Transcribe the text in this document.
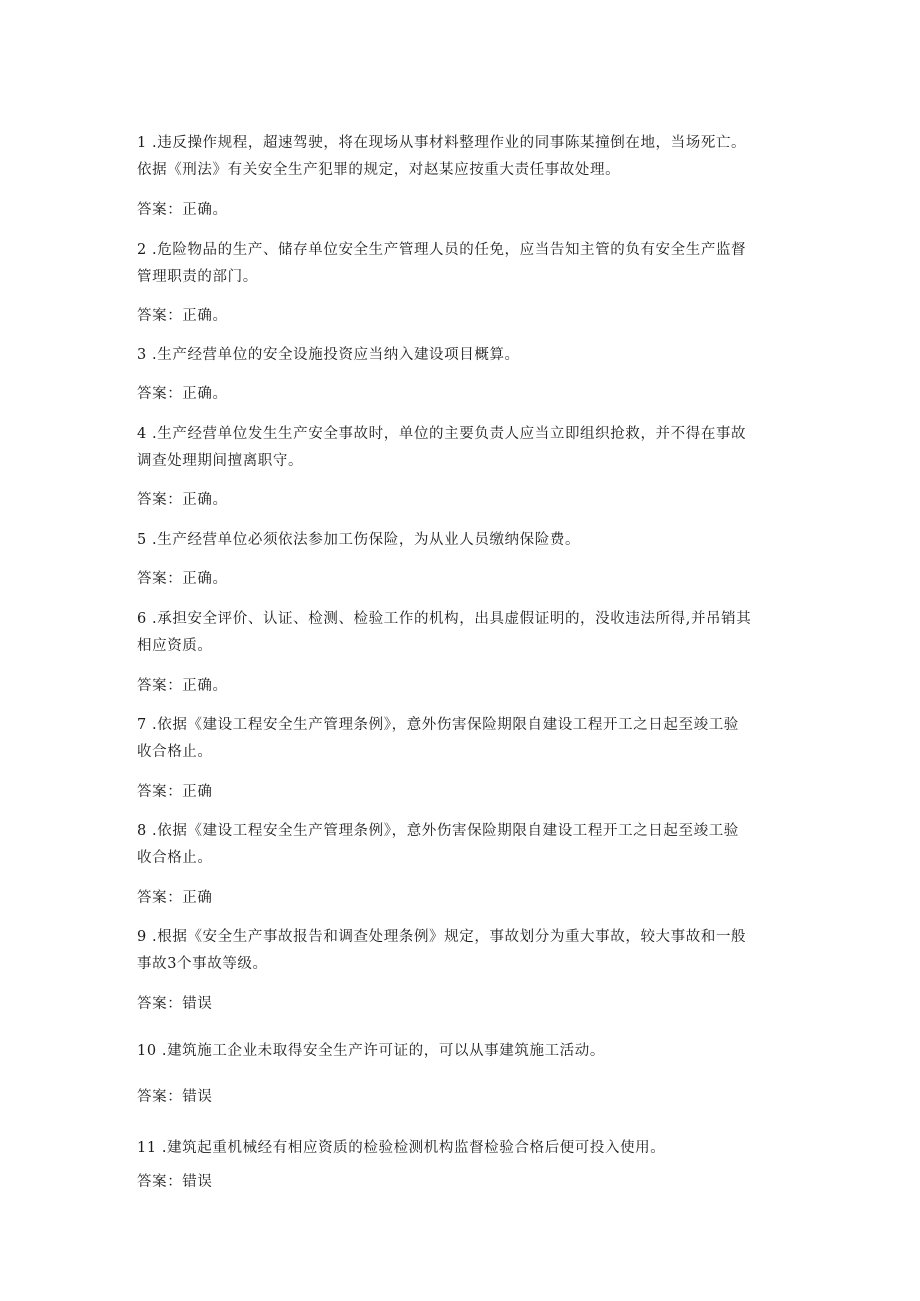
1 .违反操作规程，超速驾驶，将在现场从事材料整理作业的同事陈某撞倒在地，当场死亡。
依据《刑法》有关安全生产犯罪的规定，对赵某应按重大责任事故处理。
答案：正确。
2 .危险物品的生产、储存单位安全生产管理人员的任免，应当告知主管的负有安全生产监督
管理职责的部门。
答案：正确。
3 .生产经营单位的安全设施投资应当纳入建设项目概算。
答案：正确。
4 .生产经营单位发生生产安全事故时，单位的主要负责人应当立即组织抢救，并不得在事故
调查处理期间擅离职守。
答案：正确。
5 .生产经营单位必须依法参加工伤保险，为从业人员缴纳保险费。
答案：正确。
6 .承担安全评价、认证、检测、检验工作的机构，出具虚假证明的，没收违法所得,并吊销其
相应资质。
答案：正确。
7 .依据《建设工程安全生产管理条例》，意外伤害保险期限自建设工程开工之日起至竣工验
收合格止。
答案：正确
8 .依据《建设工程安全生产管理条例》，意外伤害保险期限自建设工程开工之日起至竣工验
收合格止。
答案：正确
9 .根据《安全生产事故报告和调查处理条例》规定，事故划分为重大事故，较大事故和一般
事故3个事故等级。
答案：错误
10 .建筑施工企业未取得安全生产许可证的，可以从事建筑施工活动。
答案：错误
11 .建筑起重机械经有相应资质的检验检测机构监督检验合格后便可投入使用。
答案：错误
